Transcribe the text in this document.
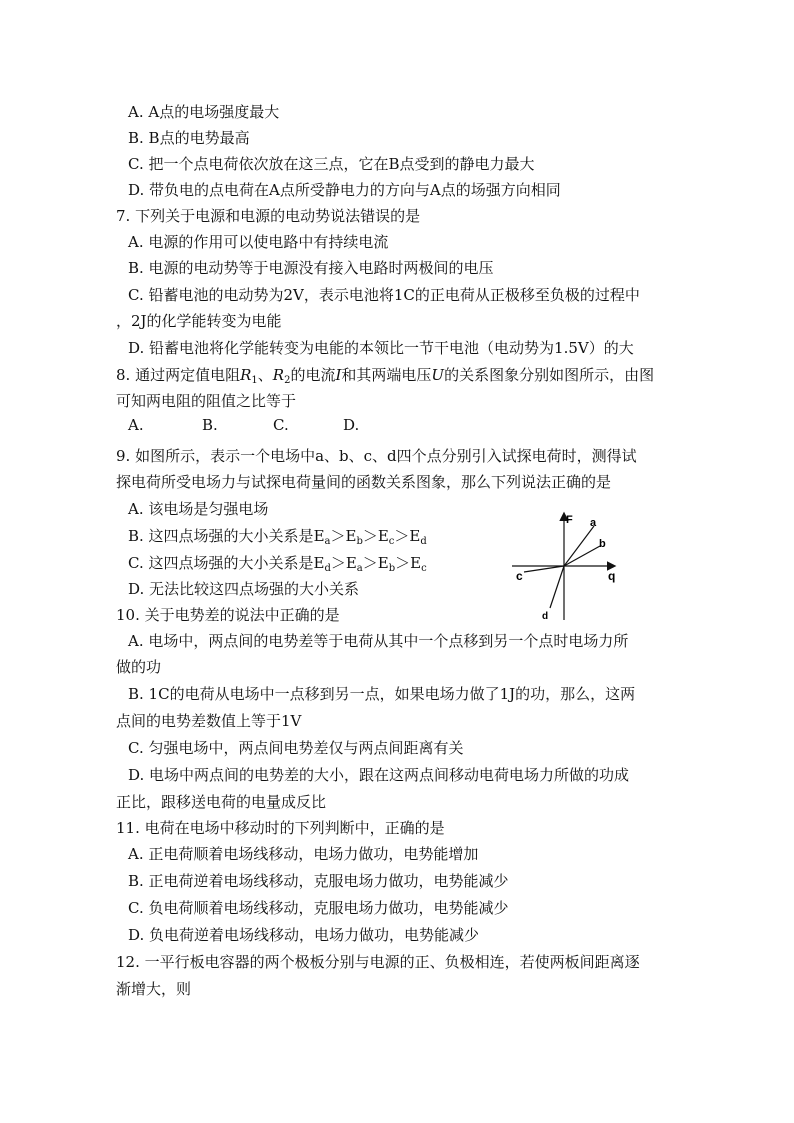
A. A点的电场强度最大
B. B点的电势最高
C. 把一个点电荷依次放在这三点，它在B点受到的静电力最大
D. 带负电的点电荷在A点所受静电力的方向与A点的场强方向相同
7. 下列关于电源和电源的电动势说法错误的是
A. 电源的作用可以使电路中有持续电流
B. 电源的电动势等于电源没有接入电路时两极间的电压
C. 铅蓄电池的电动势为2V，表示电池将1C的正电荷从正极移至负极的过程中
，2J的化学能转变为电能
D. 铅蓄电池将化学能转变为电能的本领比一节干电池（电动势为1.5V）的大
8. 通过两定值电阻$R_1$、$R_2$的电流I和其两端电压U的关系图象分别如图所示，由图
可知两电阻的阻值之比等于
A.	B.	C.	D.
9. 如图所示，表示一个电场中a、b、c、d四个点分别引入试探电荷时，测得试
探电荷所受电场力与试探电荷量间的函数关系图象，那么下列说法正确的是
A. 该电场是匀强电场
B. 这四点场强的大小关系是$E_a>E_b>E_c>E_d$
C. 这四点场强的大小关系是$E_d>E_a>E_b>E_c$
D. 无法比较这四点场强的大小关系
F
q
a
b
c
d
10. 关于电势差的说法中正确的是
A. 电场中，两点间的电势差等于电荷从其中一个点移到另一个点时电场力所
做的功
B. 1C的电荷从电场中一点移到另一点，如果电场力做了1J的功，那么，这两
点间的电势差数值上等于1V
C. 匀强电场中，两点间电势差仅与两点间距离有关
D. 电场中两点间的电势差的大小，跟在这两点间移动电荷电场力所做的功成
正比，跟移送电荷的电量成反比
11. 电荷在电场中移动时的下列判断中，正确的是
A. 正电荷顺着电场线移动，电场力做功，电势能增加
B. 正电荷逆着电场线移动，克服电场力做功，电势能减少
C. 负电荷顺着电场线移动，克服电场力做功，电势能减少
D. 负电荷逆着电场线移动，电场力做功，电势能减少
12. 一平行板电容器的两个极板分别与电源的正、负极相连，若使两板间距离逐
渐增大，则
